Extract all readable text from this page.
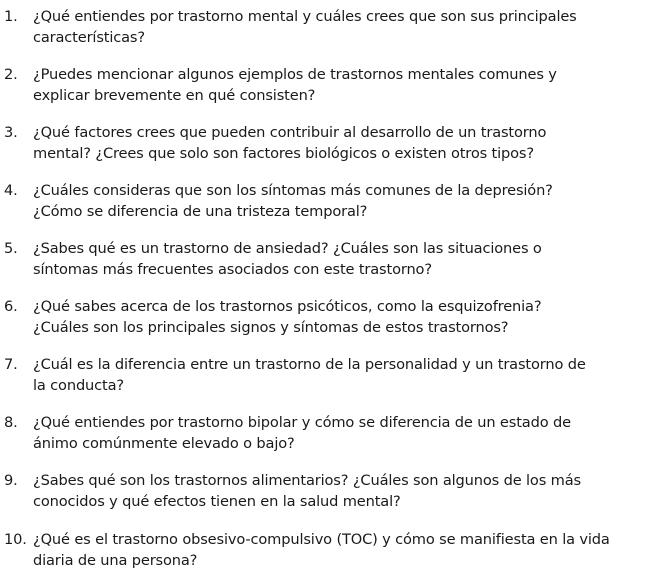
1. ¿Qué entiendes por trastorno mental y cuáles crees que son sus principales
características?
2. ¿Puedes mencionar algunos ejemplos de trastornos mentales comunes y
explicar brevemente en qué consisten?
3. ¿Qué factores crees que pueden contribuir al desarrollo de un trastorno
mental? ¿Crees que solo son factores biológicos o existen otros tipos?
4. ¿Cuáles consideras que son los síntomas más comunes de la depresión?
¿Cómo se diferencia de una tristeza temporal?
5. ¿Sabes qué es un trastorno de ansiedad? ¿Cuáles son las situaciones o
síntomas más frecuentes asociados con este trastorno?
6. ¿Qué sabes acerca de los trastornos psicóticos, como la esquizofrenia?
¿Cuáles son los principales signos y síntomas de estos trastornos?
7. ¿Cuál es la diferencia entre un trastorno de la personalidad y un trastorno de
la conducta?
8. ¿Qué entiendes por trastorno bipolar y cómo se diferencia de un estado de
ánimo comúnmente elevado o bajo?
9. ¿Sabes qué son los trastornos alimentarios? ¿Cuáles son algunos de los más
conocidos y qué efectos tienen en la salud mental?
10. ¿Qué es el trastorno obsesivo-compulsivo (TOC) y cómo se manifiesta en la vida
diaria de una persona?
